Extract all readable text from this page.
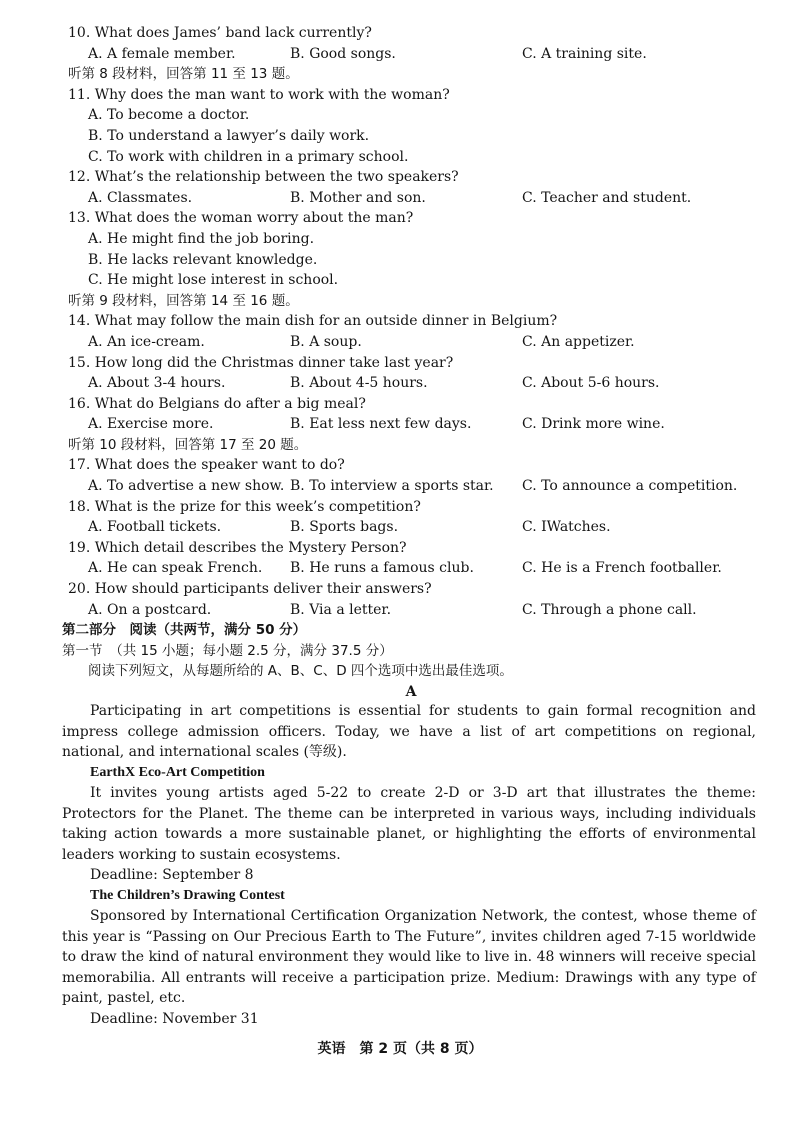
10. What does James’ band lack currently?
A. A female member.	B. Good songs.	C. A training site.
听第 8 段材料，回答第 11 至 13 题。
11. Why does the man want to work with the woman?
A. To become a doctor.
B. To understand a lawyer’s daily work.
C. To work with children in a primary school.
12. What’s the relationship between the two speakers?
A. Classmates.	B. Mother and son.	C. Teacher and student.
13. What does the woman worry about the man?
A. He might find the job boring.
B. He lacks relevant knowledge.
C. He might lose interest in school.
听第 9 段材料，回答第 14 至 16 题。
14. What may follow the main dish for an outside dinner in Belgium?
A. An ice-cream.	B. A soup.	C. An appetizer.
15. How long did the Christmas dinner take last year?
A. About 3-4 hours.	B. About 4-5 hours.	C. About 5-6 hours.
16. What do Belgians do after a big meal?
A. Exercise more.	B. Eat less next few days.	C. Drink more wine.
听第 10 段材料，回答第 17 至 20 题。
17. What does the speaker want to do?
A. To advertise a new show. B. To interview a sports star. C. To announce a competition.
18. What is the prize for this week’s competition?
A. Football tickets.	B. Sports bags.	C. IWatches.
19. Which detail describes the Mystery Person?
A. He can speak French. B. He runs a famous club.	C. He is a French footballer.
20. How should participants deliver their answers?
A. On a postcard.	B. Via a letter.	C. Through a phone call.
第二部分　阅读（共两节，满分 50 分）
第一节　（共 15 小题；每小题 2.5 分，满分 37.5 分）
阅读下列短文，从每题所给的 A、B、C、D 四个选项中选出最佳选项。
A

Participating in art competitions is essential for students to gain formal recognition and impress college admission officers. Today, we have a list of art competitions on regional, national, and international scales (等级).

EarthX Eco-Art Competition

It invites young artists aged 5-22 to create 2-D or 3-D art that illustrates the theme: Protectors for the Planet. The theme can be interpreted in various ways, including individuals taking action towards a more sustainable planet, or highlighting the efforts of environmental leaders working to sustain ecosystems.

Deadline: September 8

The Children’s Drawing Contest

Sponsored by International Certification Organization Network, the contest, whose theme of this year is “Passing on Our Precious Earth to The Future”, invites children aged 7-15 worldwide to draw the kind of natural environment they would like to live in. 48 winners will receive special memorabilia. All entrants will receive a participation prize. Medium: Drawings with any type of paint, pastel, etc.

Deadline: November 31

英语　第 2 页（共 8 页）
